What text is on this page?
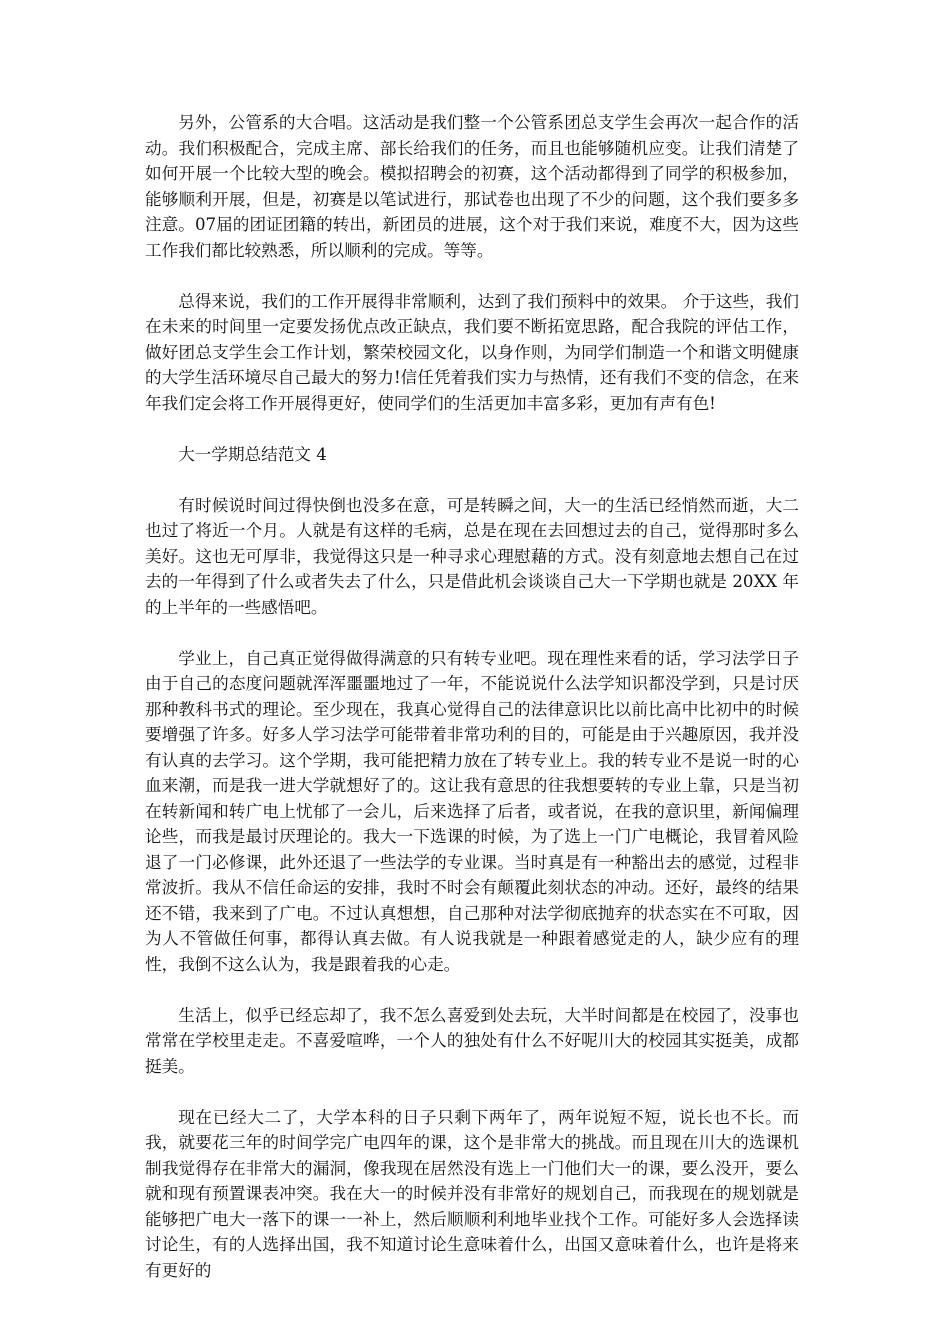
另外，公管系的大合唱。这活动是我们整一个公管系团总支学生会再次一起合作的活动。我们积极配合，完成主席、部长给我们的任务，而且也能够随机应变。让我们清楚了如何开展一个比较大型的晚会。模拟招聘会的初赛，这个活动都得到了同学的积极参加，能够顺利开展，但是，初赛是以笔试进行，那试卷也出现了不少的问题，这个我们要多多注意。07届的团证团籍的转出，新团员的进展，这个对于我们来说，难度不大，因为这些工作我们都比较熟悉，所以顺利的完成。等等。

总得来说，我们的工作开展得非常顺利，达到了我们预料中的效果。 介于这些，我们在未来的时间里一定要发扬优点改正缺点，我们要不断拓宽思路，配合我院的评估工作，做好团总支学生会工作计划，繁荣校园文化，以身作则，为同学们制造一个和谐文明健康的大学生活环境尽自己最大的努力!信任凭着我们实力与热情，还有我们不变的信念，在来年我们定会将工作开展得更好，使同学们的生活更加丰富多彩，更加有声有色!

大一学期总结范文 4

有时候说时间过得快倒也没多在意，可是转瞬之间，大一的生活已经悄然而逝，大二也过了将近一个月。人就是有这样的毛病，总是在现在去回想过去的自己，觉得那时多么美好。这也无可厚非，我觉得这只是一种寻求心理慰藉的方式。没有刻意地去想自己在过去的一年得到了什么或者失去了什么，只是借此机会谈谈自己大一下学期也就是 20XX 年的上半年的一些感悟吧。

学业上，自己真正觉得做得满意的只有转专业吧。现在理性来看的话，学习法学日子由于自己的态度问题就浑浑噩噩地过了一年，不能说说什么法学知识都没学到，只是讨厌那种教科书式的理论。至少现在，我真心觉得自己的法律意识比以前比高中比初中的时候要增强了许多。好多人学习法学可能带着非常功利的目的，可能是由于兴趣原因，我并没有认真的去学习。这个学期，我可能把精力放在了转专业上。我的转专业不是说一时的心血来潮，而是我一进大学就想好了的。这让我有意思的往我想要转的专业上靠，只是当初在转新闻和转广电上忧郁了一会儿，后来选择了后者，或者说，在我的意识里，新闻偏理论些，而我是最讨厌理论的。我大一下选课的时候，为了选上一门广电概论，我冒着风险退了一门必修课，此外还退了一些法学的专业课。当时真是有一种豁出去的感觉，过程非常波折。我从不信任命运的安排，我时不时会有颠覆此刻状态的冲动。还好，最终的结果还不错，我来到了广电。不过认真想想，自己那种对法学彻底抛弃的状态实在不可取，因为人不管做任何事，都得认真去做。有人说我就是一种跟着感觉走的人，缺少应有的理性，我倒不这么认为，我是跟着我的心走。

生活上，似乎已经忘却了，我不怎么喜爱到处去玩，大半时间都是在校园了，没事也常常在学校里走走。不喜爱喧哗，一个人的独处有什么不好呢川大的校园其实挺美，成都挺美。

现在已经大二了，大学本科的日子只剩下两年了，两年说短不短，说长也不长。而我，就要花三年的时间学完广电四年的课，这个是非常大的挑战。而且现在川大的选课机制我觉得存在非常大的漏洞，像我现在居然没有选上一门他们大一的课，要么没开，要么就和现有预置课表冲突。我在大一的时候并没有非常好的规划自己，而我现在的规划就是能够把广电大一落下的课一一补上，然后顺顺利利地毕业找个工作。可能好多人会选择读讨论生，有的人选择出国，我不知道讨论生意味着什么，出国又意味着什么，也许是将来有更好的
